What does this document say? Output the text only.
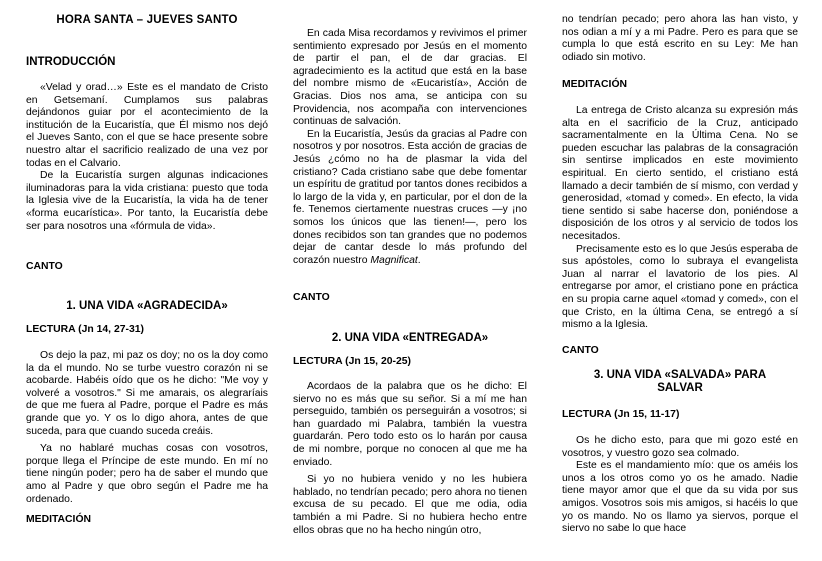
HORA SANTA – JUEVES SANTO
INTRODUCCIÓN

«Velad y orad…» Este es el mandato de Cristo en Getsemaní. Cumplamos sus palabras dejándonos guiar por el acontecimiento de la institución de la Eucaristía, que Él mismo nos dejó el Jueves Santo, con el que se hace presente sobre nuestro altar el sacrificio realizado de una vez por todas en el Calvario.

De la Eucaristía surgen algunas indicaciones iluminadoras para la vida cristiana: puesto que toda la Iglesia vive de la Eucaristía, la vida ha de tener «forma eucarística». Por tanto, la Eucaristía debe ser para nosotros una «fórmula de vida».

CANTO
1. UNA VIDA «AGRADECIDA»
LECTURA (Jn 14, 27-31)

Os dejo la paz, mi paz os doy; no os la doy como la da el mundo. No se turbe vuestro corazón ni se acobarde. Habéis oído que os he dicho: "Me voy y volveré a vosotros." Si me amarais, os alegraríais de que me fuera al Padre, porque el Padre es más grande que yo. Y os lo digo ahora, antes de que suceda, para que cuando suceda creáis.

Ya no hablaré muchas cosas con vosotros, porque llega el Príncipe de este mundo. En mí no tiene ningún poder; pero ha de saber el mundo que amo al Padre y que obro según el Padre me ha ordenado.

MEDITACIÓN

En cada Misa recordamos y revivimos el primer sentimiento expresado por Jesús en el momento de partir el pan, el de dar gracias. El agradecimiento es la actitud que está en la base del nombre mismo de «Eucaristía», Acción de Gracias. Dios nos ama, se anticipa con su Providencia, nos acompaña con intervenciones continuas de salvación.

En la Eucaristía, Jesús da gracias al Padre con nosotros y por nosotros. Esta acción de gracias de Jesús ¿cómo no ha de plasmar la vida del cristiano? Cada cristiano sabe que debe fomentar un espíritu de gratitud por tantos dones recibidos a lo largo de la vida y, en particular, por el don de la fe. Tenemos ciertamente nuestras cruces —y ¡no somos los únicos que las tienen!—, pero los dones recibidos son tan grandes que no podemos dejar de cantar desde lo más profundo del corazón nuestro Magnificat.

CANTO
2. UNA VIDA «ENTREGADA»
LECTURA (Jn 15, 20-25)

Acordaos de la palabra que os he dicho: El siervo no es más que su señor. Si a mí me han perseguido, también os perseguirán a vosotros; si han guardado mi Palabra, también la vuestra guardarán. Pero todo esto os lo harán por causa de mi nombre, porque no conocen al que me ha enviado.

Si yo no hubiera venido y no les hubiera hablado, no tendrían pecado; pero ahora no tienen excusa de su pecado. El que me odia, odia también a mi Padre. Si no hubiera hecho entre ellos obras que no ha hecho ningún otro,

no tendrían pecado; pero ahora las han visto, y nos odian a mí y a mi Padre. Pero es para que se cumpla lo que está escrito en su Ley: Me han odiado sin motivo.

MEDITACIÓN

La entrega de Cristo alcanza su expresión más alta en el sacrificio de la Cruz, anticipado sacramentalmente en la Última Cena. No se pueden escuchar las palabras de la consagración sin sentirse implicados en este movimiento espiritual. En cierto sentido, el cristiano está llamado a decir también de sí mismo, con verdad y generosidad, «tomad y comed». En efecto, la vida tiene sentido si sabe hacerse don, poniéndose a disposición de los otros y al servicio de todos los necesitados.

Precisamente esto es lo que Jesús esperaba de sus apóstoles, como lo subraya el evangelista Juan al narrar el lavatorio de los pies. Al entregarse por amor, el cristiano pone en práctica en su propia carne aquel «tomad y comed», con el que Cristo, en la última Cena, se entregó a sí mismo a la Iglesia.

CANTO
3. UNA VIDA «SALVADA» PARA SALVAR
LECTURA (Jn 15, 11-17)

Os he dicho esto, para que mi gozo esté en vosotros, y vuestro gozo sea colmado.

Este es el mandamiento mío: que os améis los unos a los otros como yo os he amado. Nadie tiene mayor amor que el que da su vida por sus amigos. Vosotros sois mis amigos, si hacéis lo que yo os mando. No os llamo ya siervos, porque el siervo no sabe lo que hace
